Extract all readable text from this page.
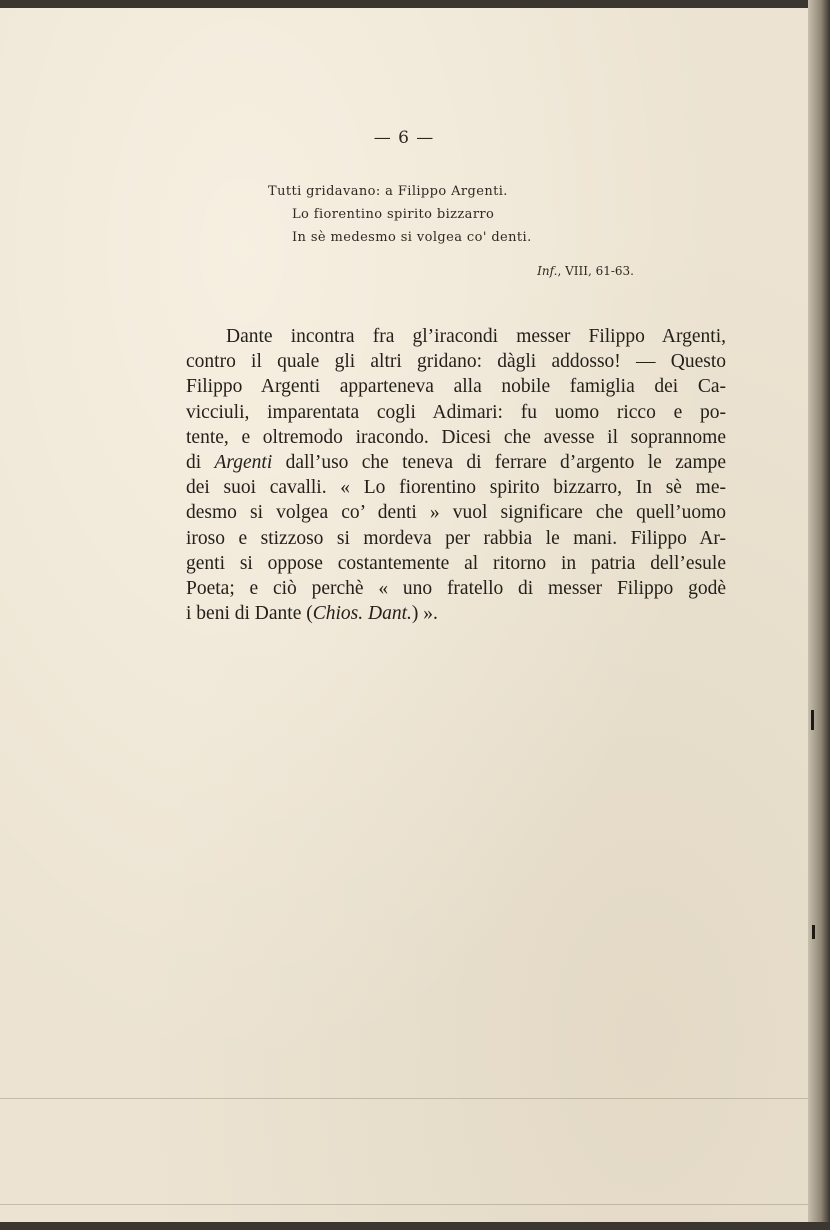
— 6 —
Tutti gridavano: a Filippo Argenti.
Lo fiorentino spirito bizzarro
In sè medesmo si volgea co' denti.
Inf., VIII, 61-63.
Dante incontra fra gl’iracondi messer Filippo Argenti,
contro il quale gli altri gridano: dàgli addosso! — Questo
Filippo Argenti apparteneva alla nobile famiglia dei Ca-
vicciuli, imparentata cogli Adimari: fu uomo ricco e po-
tente, e oltremodo iracondo. Dicesi che avesse il soprannome
di Argenti dall’uso che teneva di ferrare d’argento le zampe
dei suoi cavalli. « Lo fiorentino spirito bizzarro, In sè me-
desmo si volgea co’ denti » vuol significare che quell’uomo
iroso e stizzoso si mordeva per rabbia le mani. Filippo Ar-
genti si oppose costantemente al ritorno in patria dell’esule
Poeta; e ciò perchè « uno fratello di messer Filippo godè
i beni di Dante (Chios. Dant.) ».
